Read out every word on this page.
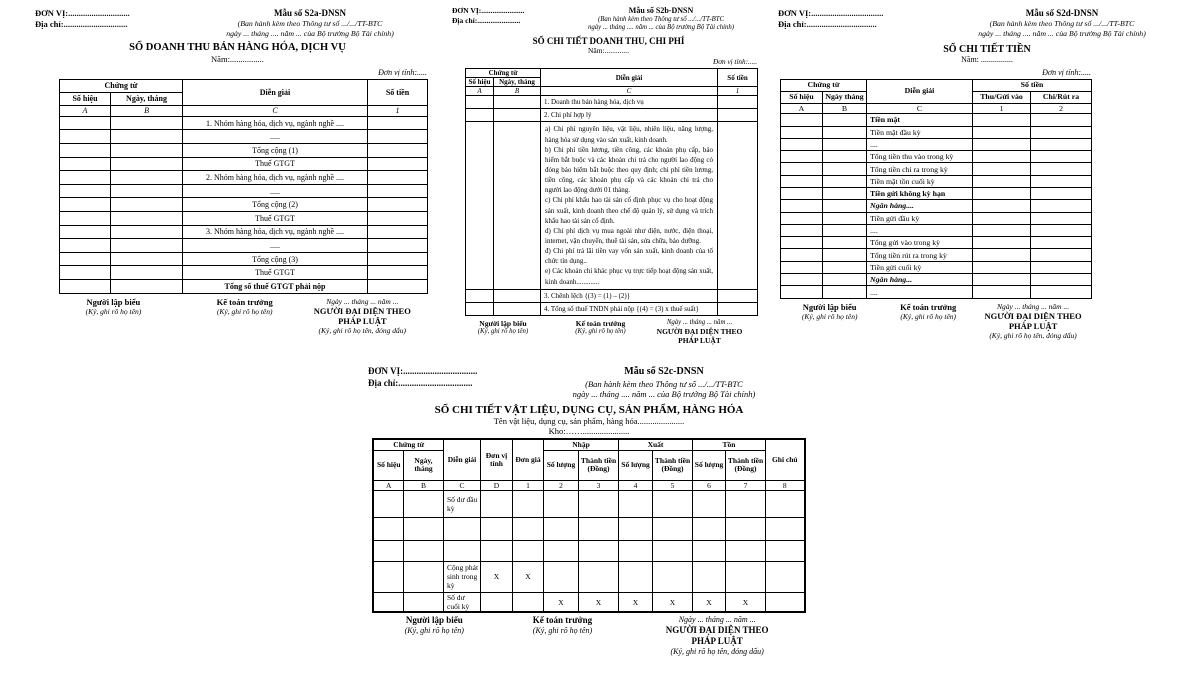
ĐƠN VỊ:.............................
Địa chỉ:..............................
Mẫu số S2a-DNSN
(Ban hành kèm theo Thông tư số .../.../TT-BTC
ngày ... tháng .... năm ... của Bộ trưởng Bộ Tài chính)
SỔ DOANH THU BÁN HÀNG HÓA, DỊCH VỤ
Năm:................
Đơn vị tính:.....
Chứng từ		Diễn giải	Số tiền
Số hiệu	Ngày, tháng		
A	B	C	1
		1. Nhóm hàng hóa, dịch vụ, ngành nghề ....	
		.....	
		Tổng cộng (1)	
		Thuế GTGT	
		2. Nhóm hàng hóa, dịch vụ, ngành nghề ....	
		.....	
		Tổng cộng (2)	
		Thuế GTGT	
		3. Nhóm hàng hóa, dịch vụ, ngành nghề ....	
		.....	
		Tổng cộng (3)	
		Thuế GTGT	
		Tổng số thuế GTGT phải nộp	
Người lập biểu
(Ký, ghi rõ họ tên)
Kế toán trưởng
(Ký, ghi rõ họ tên)
Ngày ... tháng ... năm ...
NGƯỜI ĐẠI DIỆN THEO
PHÁP LUẬT
(Ký, ghi rõ họ tên, đóng dấu)
ĐƠN VỊ:.......................
Địa chỉ:.......................
Mẫu số S2b-DNSN
(Ban hành kèm theo Thông tư số .../.../TT-BTC
ngày ... tháng .... năm ... của Bộ trưởng Bộ Tài chính)
SỔ CHI TIẾT DOANH THU, CHI PHÍ
Năm:.............
Đơn vị tính:.....
Chứng từ		Diễn giải	Số tiền
Số hiệu	Ngày, tháng		
A	B	C	1
		1. Doanh thu bán hàng hóa, dịch vụ	
		2. Chi phí hợp lý	

a) Chi phí nguyên liệu, vật liệu, nhiên liệu, năng lượng, hàng hóa sử dụng vào sản xuất, kinh doanh.
b) Chi phí tiền lương, tiền công, các khoản phụ cấp, bảo hiểm bắt buộc và các khoản chi trả cho người lao động có đóng bảo hiểm bắt buộc theo quy định; chi phí tiền lương, tiền công, các khoản phụ cấp và các khoản chi trả cho người lao động dưới 01 tháng.
c) Chi phí khấu hao tài sản cố định phục vụ cho hoạt động sản xuất, kinh doanh theo chế độ quản lý, sử dụng và trích khấu hao tài sản cố định.
d) Chi phí dịch vụ mua ngoài như điện, nước, điện thoại, internet, vận chuyển, thuê tài sản, sửa chữa, bảo dưỡng.
đ) Chi phí trả lãi tiền vay vốn sản xuất, kinh doanh của tổ chức tín dụng..
e) Các khoản chi khác phục vụ trực tiếp hoạt động sản xuất, kinh doanh.............

		3. Chênh lệch {(3) = (1) – (2)}	
		4. Tổng số thuế TNDN phải nộp {(4) = (3) x thuế suất}	
Người lập biểu
(Ký, ghi rõ họ tên)
Kế toán trưởng
(Ký, ghi rõ họ tên)
Ngày ... tháng ... năm ...
NGƯỜI ĐẠI DIỆN THEO
PHÁP LUẬT
ĐƠN VỊ:..................................
Địa chỉ:.................................
Mẫu số S2d-DNSN
(Ban hành kèm theo Thông tư số .../.../TT-BTC
ngày ... tháng .... năm ... của Bộ trưởng Bộ Tài chính)
SỔ CHI TIẾT TIỀN
Năm: ................
Đơn vị tính:.....
Chứng từ		Diễn giải	Số tiền	
Số hiệu	Ngày tháng		Thu/Gửi vào	Chi/Rút ra
A	B	C	1	2
		Tiền mặt		
		Tiền mặt đầu kỳ		
		....		
		Tổng tiền thu vào trong kỳ		
		Tổng tiền chi ra trong kỳ		
		Tiền mặt tồn cuối kỳ		
		Tiền gửi không kỳ hạn		
		Ngân hàng....		
		Tiền gửi đầu kỳ		
		....		
		Tổng gửi vào trong kỳ		
		Tổng tiền rút ra trong kỳ		
		Tiền gửi cuối kỳ		
		Ngân hàng...		
		....		
Người lập biểu
(Ký, ghi rõ họ tên)
Kế toán trưởng
(Ký, ghi rõ họ tên)
Ngày ... tháng ... năm ...
NGƯỜI ĐẠI DIỆN THEO
PHÁP LUẬT
(Ký, ghi rõ họ tên, đóng dấu)
ĐƠN VỊ:.................................
Địa chỉ:.................................
Mẫu số S2c-DNSN
(Ban hành kèm theo Thông tư số .../.../TT-BTC
ngày ... tháng .... năm ... của Bộ trưởng Bộ Tài chính)
SỔ CHI TIẾT VẬT LIỆU, DỤNG CỤ, SẢN PHẨM, HÀNG HÓA
Tên vật liệu, dụng cụ, sản phẩm, hàng hóa......................
Kho:……......................
Chứng từ		Diễn giải	Đơn vị tính	Đơn giá	Nhập		Xuất		Tồn		Ghi chú
Số hiệu	Ngày, tháng				Số lượng	Thành tiền (Đồng)	Số lượng	Thành tiền (Đồng)	Số lượng	Thành tiền (Đồng)	
A	B	C	D	1	2	3	4	5	6	7	8
		Số dư đầu kỳ									

		Cộng phát sinh trong kỳ	X	X							
		Số dư cuối kỳ			X	X	X	X	X	X	
Người lập biểu
(Ký, ghi rõ họ tên)
Kế toán trưởng
(Ký, ghi rõ họ tên)
Ngày ... tháng ... năm ...
NGƯỜI ĐẠI DIỆN THEO
PHÁP LUẬT
(Ký, ghi rõ họ tên, đóng dấu)
